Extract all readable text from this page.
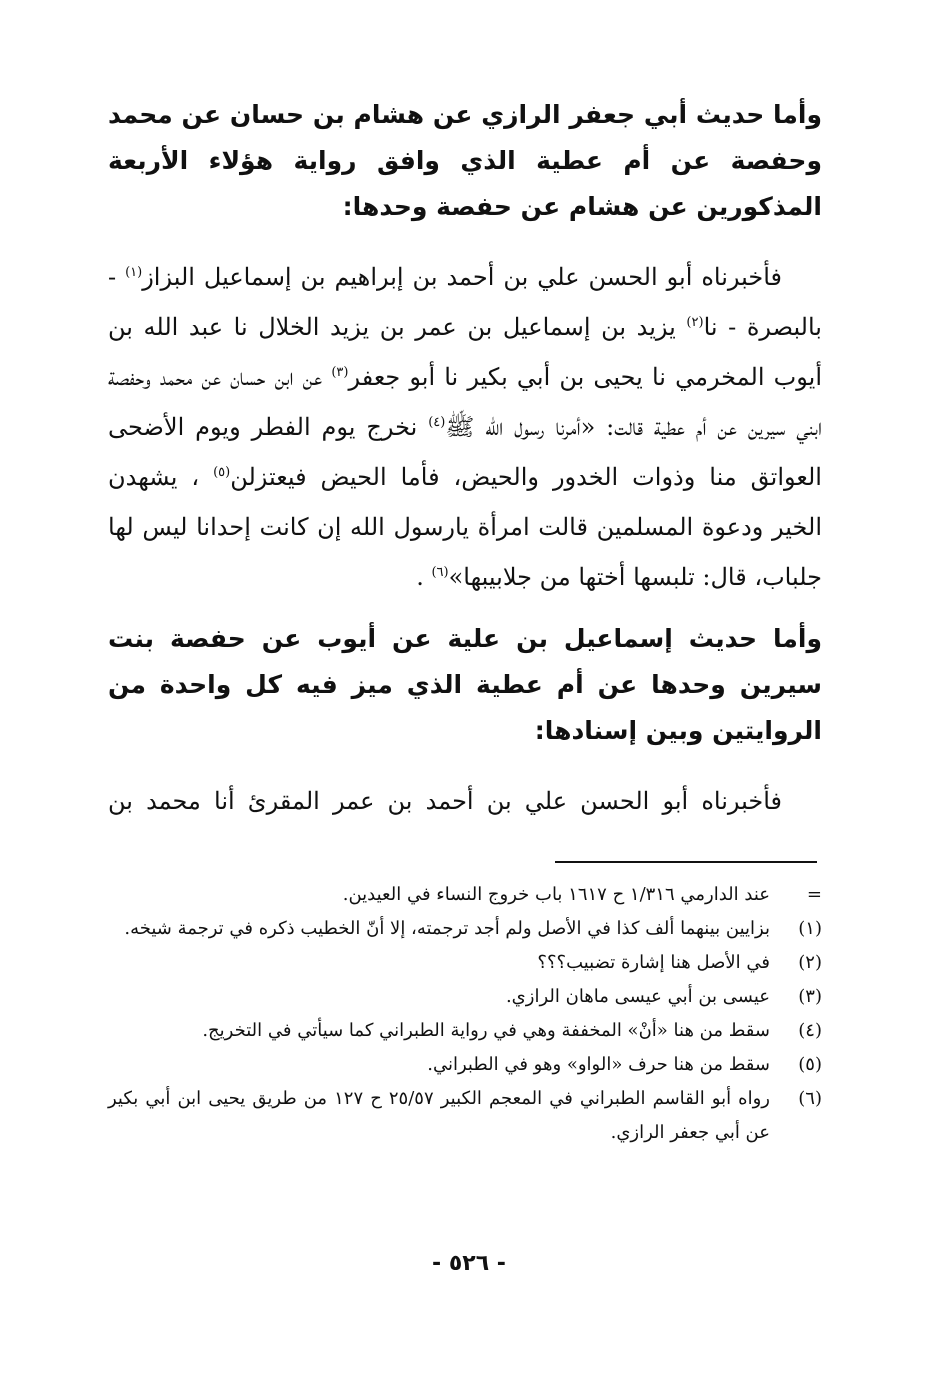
وأما حديث أبي جعفر الرازي عن هشام بن حسان عن محمد وحفصة عن أم عطية الذي وافق رواية هؤلاء الأربعة المذكورين عن هشام عن حفصة وحدها:

فأخبرناه أبو الحسن علي بن أحمد بن إبراهيم بن إسماعيل البزاز$^{(١)}$ - بالبصرة - نا$^{(٢)}$ يزيد بن إسماعيل بن عمر بن يزيد الخلال نا عبد الله بن أيوب المخرمي نا يحيى بن أبي بكير نا أبو جعفر$^{(٣)}$ عن ابن حسان عن محمد وحفصة ابني سيرين عن أم عطية قالت: «أمرنا رسول الله ﷺ$^{(٤)}$ نخرج يوم الفطر ويوم الأضحى العواتق منا وذوات الخدور والحيض، فأما الحيض فيعتزلن$^{(٥)}$ ، يشهدن الخير ودعوة المسلمين قالت امرأة يارسول الله إن كانت إحدانا ليس لها جلباب، قال: تلبسها أختها من جلابيبها»$^{(٦)}$ .

وأما حديث إسماعيل بن علية عن أيوب عن حفصة بنت سيرين وحدها عن أم عطية الذي ميز فيه كل واحدة من الروايتين وبين إسنادها:

فأخبرناه أبو الحسن علي بن أحمد بن عمر المقرئ أنا محمد بن

=
عند الدارمي ١/٣١٦ ح ١٦١٧ باب خروج النساء في العيدين.
(١)
بزايين بينهما ألف كذا في الأصل ولم أجد ترجمته، إلا أنّ الخطيب ذكره في ترجمة شيخه.
(٢)
في الأصل هنا إشارة تضبيب؟؟؟
(٣)
عيسى بن أبي عيسى ماهان الرازي.
(٤)
سقط من هنا «أنْ» المخففة وهي في رواية الطبراني كما سيأتي في التخريج.
(٥)
سقط من هنا حرف «الواو» وهو في الطبراني.
(٦)
رواه أبو القاسم الطبراني في المعجم الكبير ٢٥/٥٧ ح ١٢٧ من طريق يحيى ابن أبي بكير عن أبي جعفر الرازي.
- ٥٢٦ -
